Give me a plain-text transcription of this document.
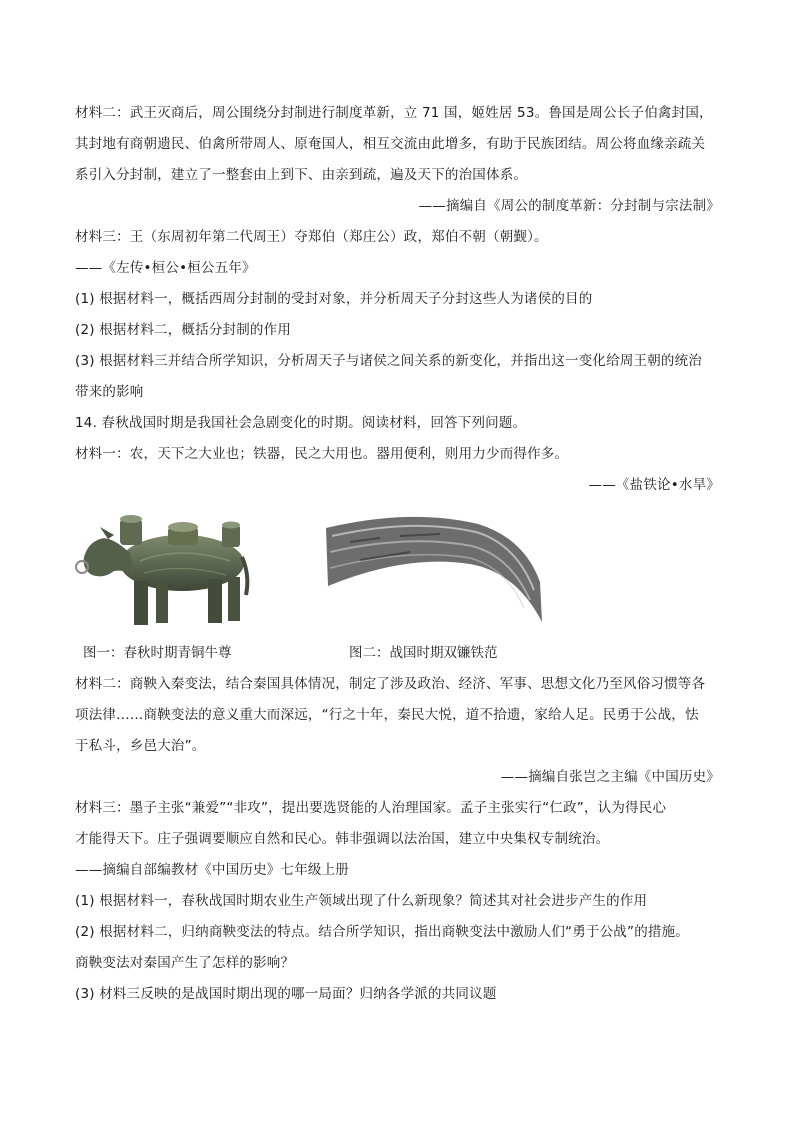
材料二：武王灭商后，周公围绕分封制进行制度革新，立 71 国，姬姓居 53。鲁国是周公长子伯禽封国，
其封地有商朝遗民、伯禽所带周人、原奄国人，相互交流由此增多，有助于民族团结。周公将血缘亲疏关
系引入分封制，建立了一整套由上到下、由亲到疏，遍及天下的治国体系。
——摘编自《周公的制度革新：分封制与宗法制》
材料三：王（东周初年第二代周王）夺郑伯（郑庄公）政，郑伯不朝（朝觐）。
——《左传•桓公•桓公五年》
(1) 根据材料一，概括西周分封制的受封对象，并分析周天子分封这些人为诸侯的目的
(2) 根据材料二，概括分封制的作用
(3) 根据材料三并结合所学知识，分析周天子与诸侯之间关系的新变化，并指出这一变化给周王朝的统治
带来的影响
14. 春秋战国时期是我国社会急剧变化的时期。阅读材料，回答下列问题。
材料一：农，天下之大业也；铁器，民之大用也。器用便利，则用力少而得作多。
——《盐铁论•水旱》
图一：春秋时期青铜牛尊	图二：战国时期双镰铁范
材料二：商鞅入秦变法，结合秦国具体情况，制定了涉及政治、经济、军事、思想文化乃至风俗习惯等各
项法律……商鞅变法的意义重大而深远，“行之十年，秦民大悦，道不拾遗，家给人足。民勇于公战，怯
于私斗，乡邑大治”。
——摘编自张岂之主编《中国历史》
材料三：墨子主张“兼爱”“非攻”，提出要选贤能的人治理国家。孟子主张实行“仁政”，认为得民心
才能得天下。庄子强调要顺应自然和民心。韩非强调以法治国，建立中央集权专制统治。
——摘编自部编教材《中国历史》七年级上册
(1) 根据材料一，春秋战国时期农业生产领域出现了什么新现象？简述其对社会进步产生的作用
(2) 根据材料二，归纳商鞅变法的特点。结合所学知识，指出商鞅变法中激励人们“勇于公战”的措施。
商鞅变法对秦国产生了怎样的影响？
(3) 材料三反映的是战国时期出现的哪一局面？归纳各学派的共同议题
